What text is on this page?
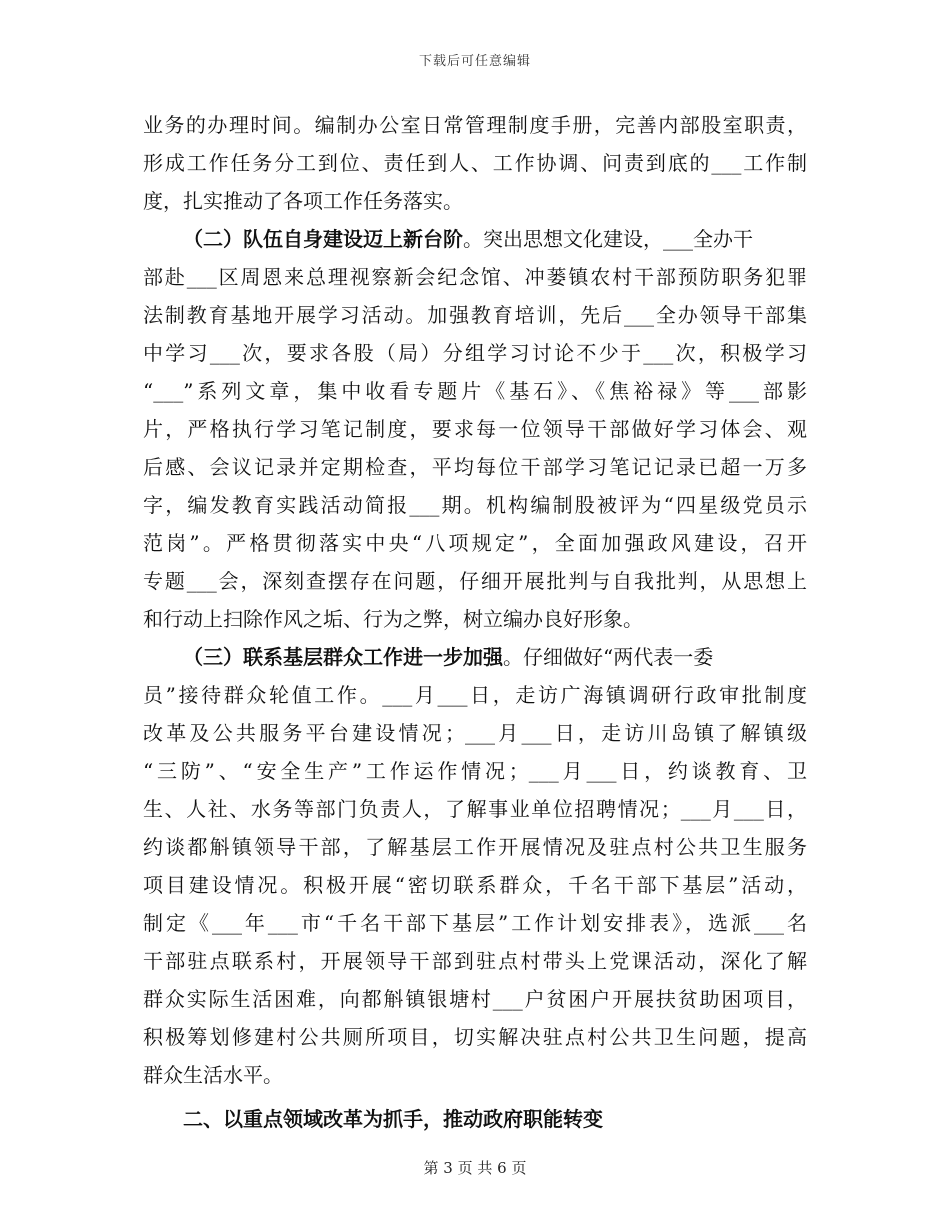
下载后可任意编辑
业务的办理时间。编制办公室日常管理制度手册，完善内部股室职责，
形成工作任务分工到位、责任到人、工作协调、问责到底的___工作制
度，扎实推动了各项工作任务落实。
（二）队伍自身建设迈上新台阶 。突出思想文化建设，___全办干
部赴___区周恩来总理视察新会纪念馆、冲蒌镇农村干部预防职务犯罪
法制教育基地开展学习活动。加强教育培训，先后___全办领导干部集
中学习___次，要求各股（局）分组学习讨论不少于___次，积极学习
“___”系列文章，集中收看专题片《基石》、《焦裕禄》等___部影
片，严格执行学习笔记制度，要求每一位领导干部做好学习体会、观
后感、会议记录并定期检查，平均每位干部学习笔记记录已超一万多
字，编发教育实践活动简报___期。机构编制股被评为“四星级党员示
范岗”。严格贯彻落实中央“八项规定”，全面加强政风建设，召开
专题___会，深刻查摆存在问题，仔细开展批判与自我批判，从思想上
和行动上扫除作风之垢、行为之弊，树立编办良好形象。
（三）联系基层群众工作进一步加强 。仔细做好“两代表一委
员”接待群众轮值工作。___月___日，走访广海镇调研行政审批制度
改革及公共服务平台建设情况；___月___日，走访川岛镇了解镇级
“三防”、“安全生产”工作运作情况；___月___日，约谈教育、卫
生、人社、水务等部门负责人，了解事业单位招聘情况；___月___日，
约谈都斛镇领导干部，了解基层工作开展情况及驻点村公共卫生服务
项目建设情况。积极开展“密切联系群众，千名干部下基层”活动，
制定《___年___市“千名干部下基层”工作计划安排表》，选派___名
干部驻点联系村，开展领导干部到驻点村带头上党课活动，深化了解
群众实际生活困难，向都斛镇银塘村___户贫困户开展扶贫助困项目，
积极筹划修建村公共厕所项目，切实解决驻点村公共卫生问题，提高
群众生活水平。
二、以重点领域改革为抓手，推动政府职能转变
第 3 页 共 6 页
